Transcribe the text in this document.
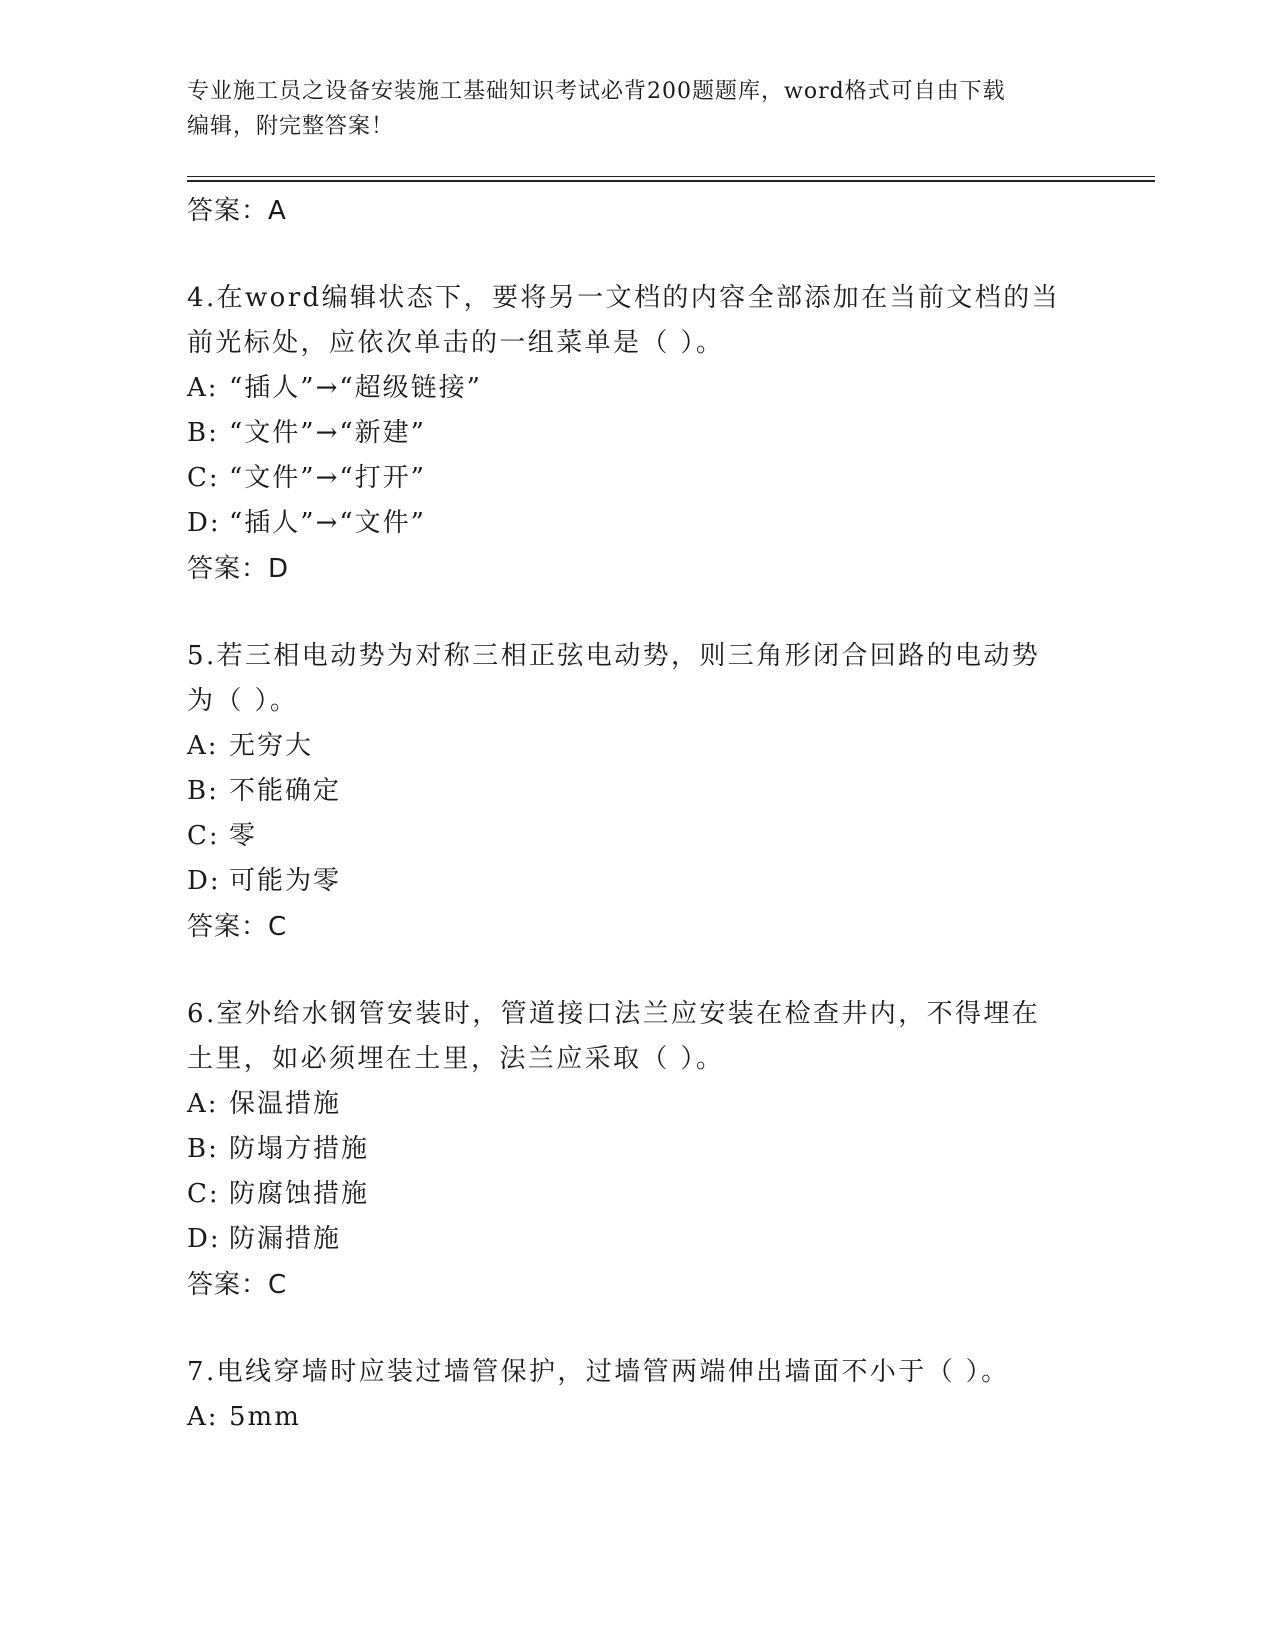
专业施工员之设备安装施工基础知识考试必背200题题库，word格式可自由下载
编辑，附完整答案！
答案：A
4.在word编辑状态下，要将另一文档的内容全部添加在当前文档的当
前光标处，应依次单击的一组菜单是（ ）。
A: “插人”→“超级链接”
B: “文件”→“新建”
C: “文件”→“打开”
D: “插人”→“文件”
答案：D
5.若三相电动势为对称三相正弦电动势，则三角形闭合回路的电动势
为（ ）。
A: 无穷大
B: 不能确定
C: 零
D: 可能为零
答案：C
6.室外给水钢管安装时，管道接口法兰应安装在检查井内，不得埋在
土里，如必须埋在土里，法兰应采取（ ）。
A: 保温措施
B: 防塌方措施
C: 防腐蚀措施
D: 防漏措施
答案：C
7.电线穿墙时应装过墙管保护，过墙管两端伸出墙面不小于（ ）。
A: 5mm
